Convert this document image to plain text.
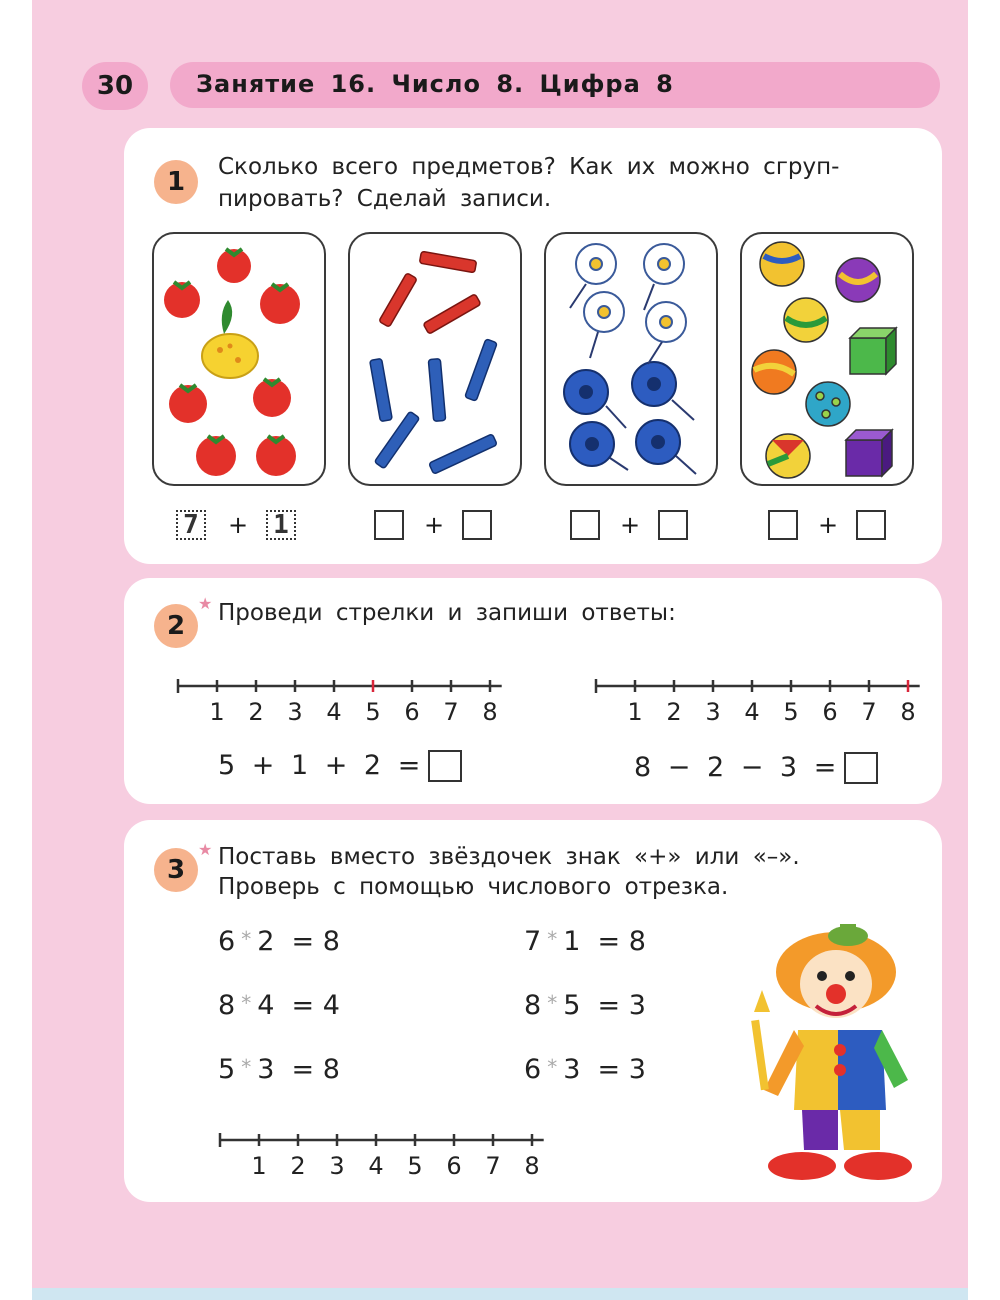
30	Занятие 16. Число 8. Цифра 8
1	Сколько всего предметов? Как их можно сгруп-
пировать? Сделай записи.
7 + 1	+	+	+
2
★ Проведи стрелки и запиши ответы:
1 2 3 4 5 6 7 8	1 2 3 4 5 6 7 8
5 + 1 + 2 =	8 − 2 − 3 =
3
★ Поставь вместо звёздочек знак «+» или «–».
Проверь с помощью числового отрезка.
6 * 2 = 8	7 * 1 = 8
8 * 4 = 4	8 * 5 = 3
5 * 3 = 8	6 * 3 = 3
1 2 3 4 5 6 7 8
